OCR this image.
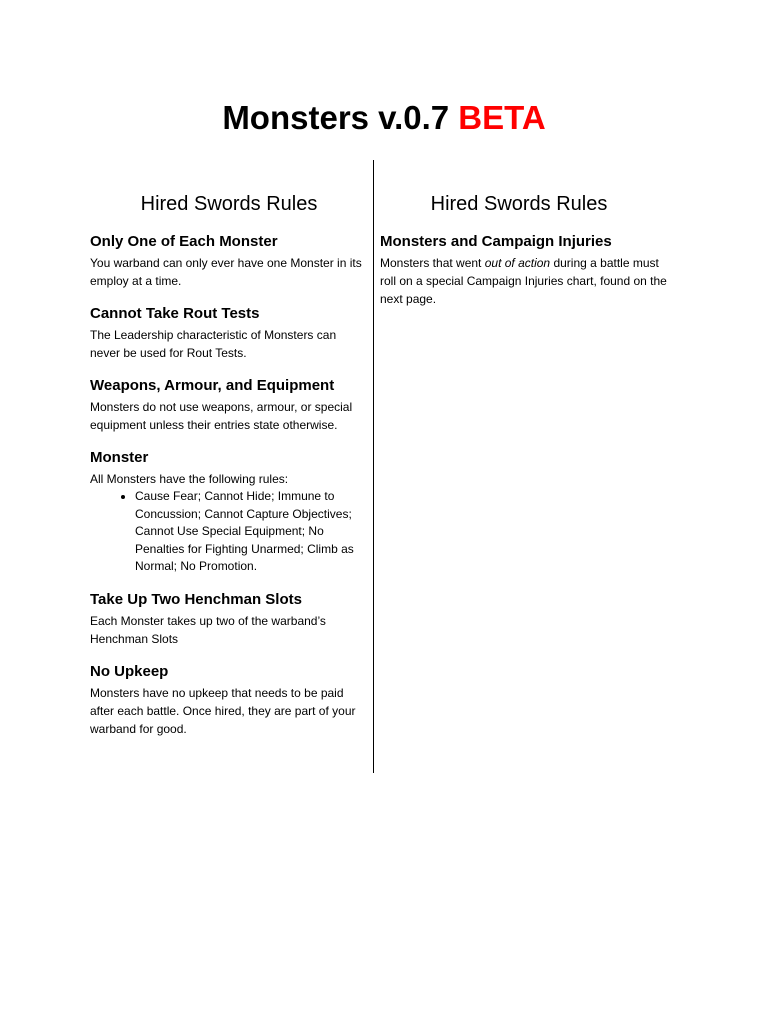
Monsters v.0.7 BETA
Hired Swords Rules
Only One of Each Monster

You warband can only ever have one Monster in its employ at a time.

Cannot Take Rout Tests

The Leadership characteristic of Monsters can never be used for Rout Tests.

Weapons, Armour, and Equipment

Monsters do not use weapons, armour, or special equipment unless their entries state otherwise.

Monster

All Monsters have the following rules:

• Cause Fear; Cannot Hide; Immune to Concussion; Cannot Capture Objectives; Cannot Use Special Equipment; No Penalties for Fighting Unarmed; Climb as Normal; No Promotion.
Take Up Two Henchman Slots

Each Monster takes up two of the warband’s Henchman Slots

No Upkeep

Monsters have no upkeep that needs to be paid after each battle. Once hired, they are part of your warband for good.

Hired Swords Rules
Monsters and Campaign Injuries

Monsters that went out of action during a battle must roll on a special Campaign Injuries chart, found on the next page.
